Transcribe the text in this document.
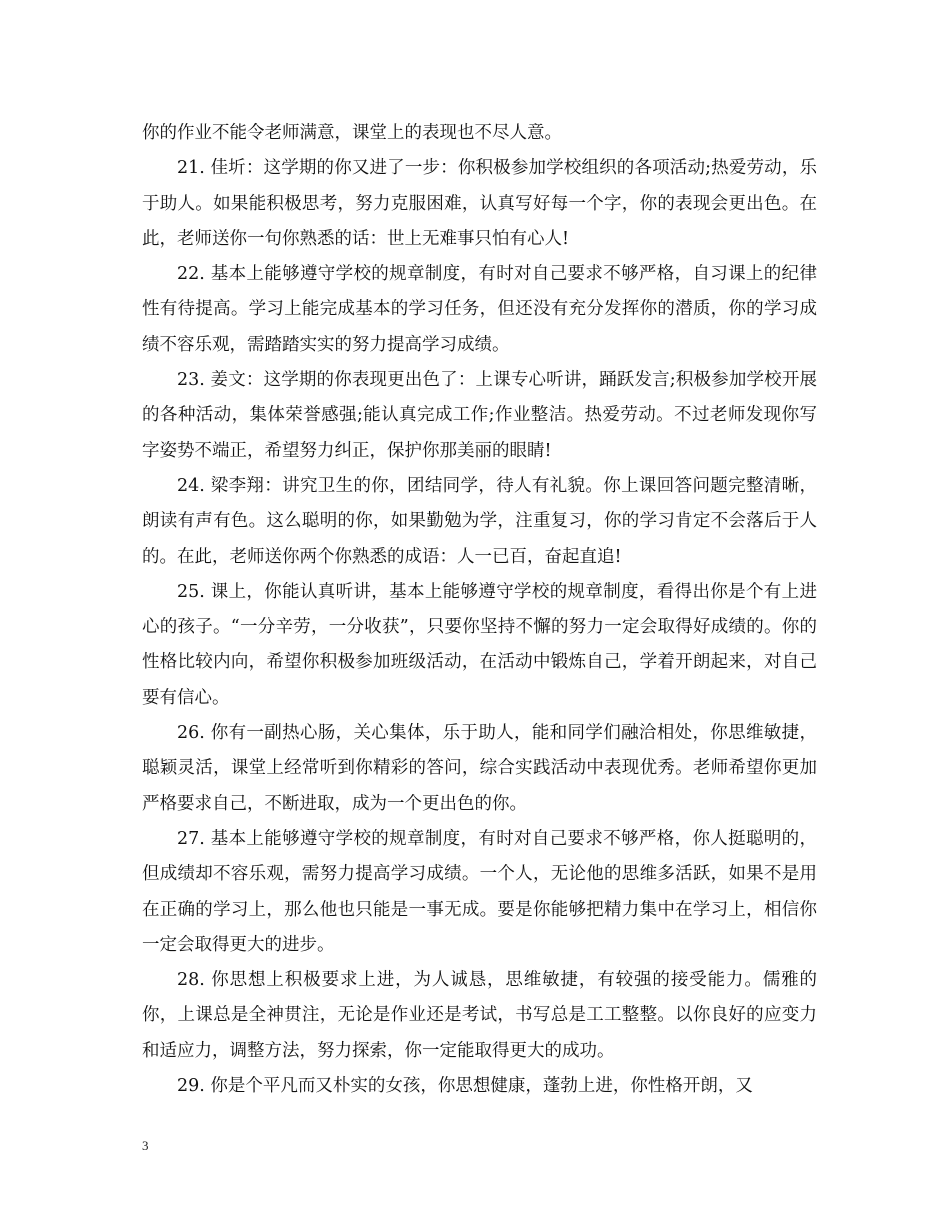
你的作业不能令老师满意，课堂上的表现也不尽人意。

21. 佳圻：这学期的你又进了一步：你积极参加学校组织的各项活动;热爱劳动，乐于助人。如果能积极思考，努力克服困难，认真写好每一个字，你的表现会更出色。在此，老师送你一句你熟悉的话：世上无难事只怕有心人!

22. 基本上能够遵守学校的规章制度，有时对自己要求不够严格，自习课上的纪律性有待提高。学习上能完成基本的学习任务，但还没有充分发挥你的潜质，你的学习成绩不容乐观，需踏踏实实的努力提高学习成绩。

23. 姜文：这学期的你表现更出色了：上课专心听讲，踊跃发言;积极参加学校开展的各种活动，集体荣誉感强;能认真完成工作;作业整洁。热爱劳动。不过老师发现你写字姿势不端正，希望努力纠正，保护你那美丽的眼睛!

24. 梁李翔：讲究卫生的你，团结同学，待人有礼貌。你上课回答问题完整清晰，朗读有声有色。这么聪明的你，如果勤勉为学，注重复习，你的学习肯定不会落后于人的。在此，老师送你两个你熟悉的成语：人一已百，奋起直追!

25. 课上，你能认真听讲，基本上能够遵守学校的规章制度，看得出你是个有上进心的孩子。“一分辛劳，一分收获”，只要你坚持不懈的努力一定会取得好成绩的。你的性格比较内向，希望你积极参加班级活动，在活动中锻炼自己，学着开朗起来，对自己要有信心。

26. 你有一副热心肠，关心集体，乐于助人，能和同学们融洽相处，你思维敏捷，聪颖灵活，课堂上经常听到你精彩的答问，综合实践活动中表现优秀。老师希望你更加严格要求自己，不断进取，成为一个更出色的你。

27. 基本上能够遵守学校的规章制度，有时对自己要求不够严格，你人挺聪明的，但成绩却不容乐观，需努力提高学习成绩。一个人，无论他的思维多活跃，如果不是用在正确的学习上，那么他也只能是一事无成。要是你能够把精力集中在学习上，相信你一定会取得更大的进步。

28. 你思想上积极要求上进，为人诚恳，思维敏捷，有较强的接受能力。儒雅的你，上课总是全神贯注，无论是作业还是考试，书写总是工工整整。以你良好的应变力和适应力，调整方法，努力探索，你一定能取得更大的成功。

29. 你是个平凡而又朴实的女孩，你思想健康，蓬勃上进，你性格开朗，又

3
